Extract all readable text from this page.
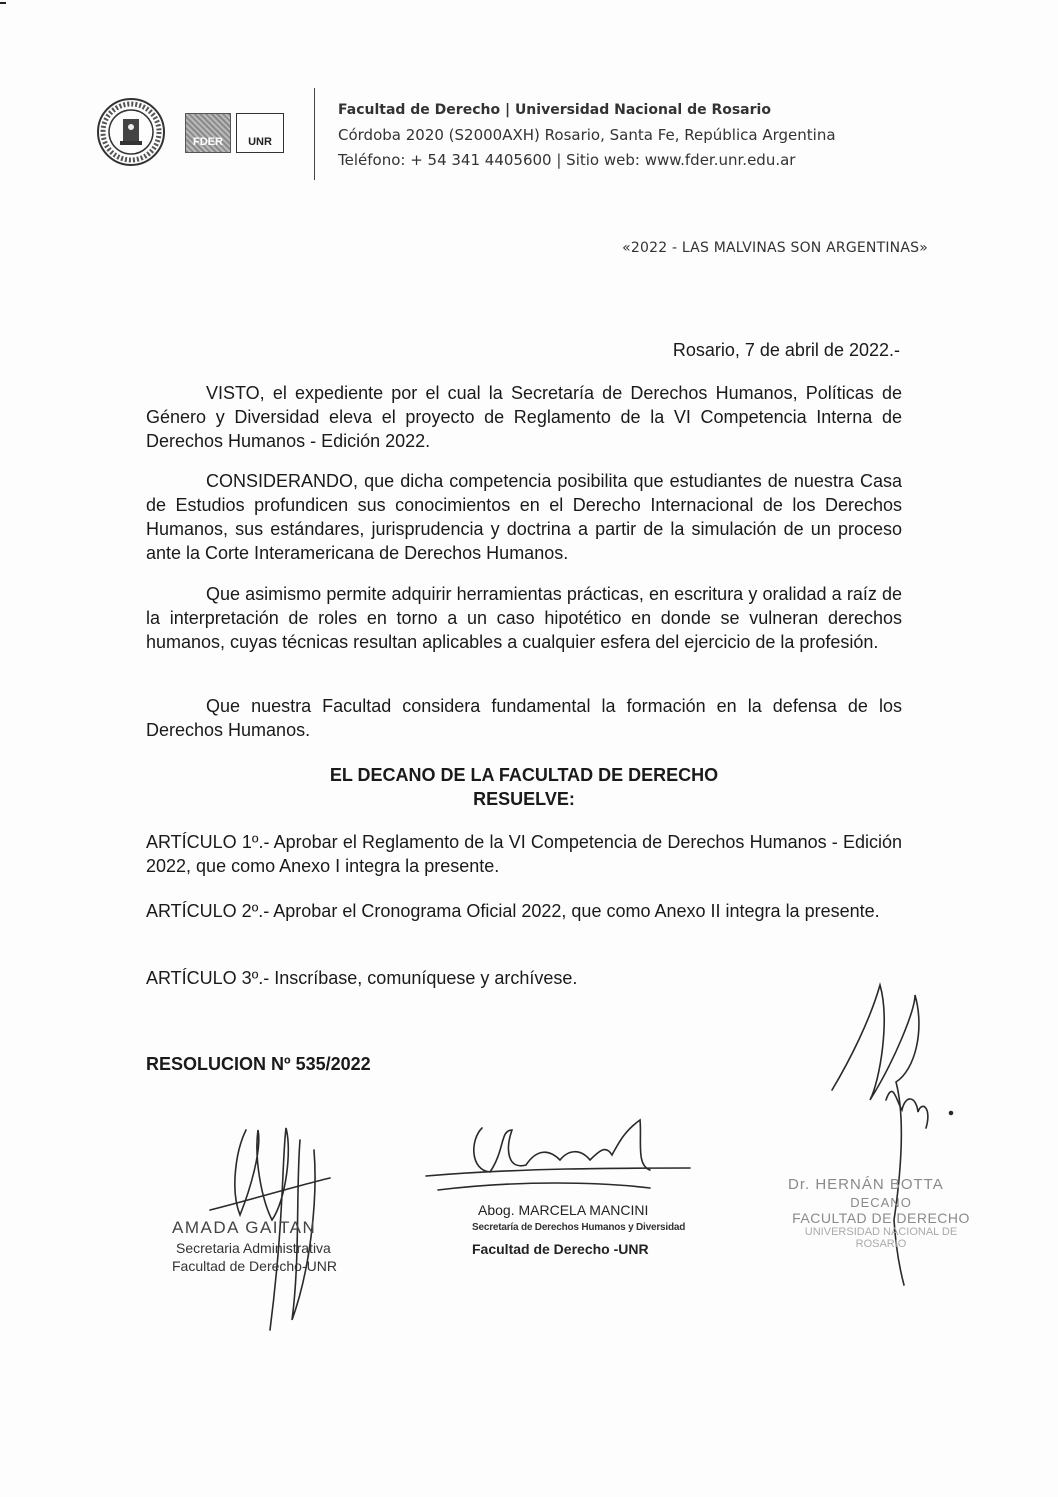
FDER	UNR
Facultad de Derecho | Universidad Nacional de Rosario
Córdoba 2020 (S2000AXH) Rosario, Santa Fe, República Argentina
Teléfono: + 54 341 4405600 | Sitio web: www.fder.unr.edu.ar
«2022 - LAS MALVINAS SON ARGENTINAS»
Rosario, 7 de abril de 2022.-

VISTO, el expediente por el cual la Secretaría de Derechos Humanos, Políticas de Género y Diversidad eleva el proyecto de Reglamento de la VI Competencia Interna de Derechos Humanos - Edición 2022.

CONSIDERANDO, que dicha competencia posibilita que estudiantes de nuestra Casa de Estudios profundicen sus conocimientos en el Derecho Internacional de los Derechos Humanos, sus estándares, jurisprudencia y doctrina a partir de la simulación de un proceso ante la Corte Interamericana de Derechos Humanos.

Que asimismo permite adquirir herramientas prácticas, en escritura y oralidad a raíz de la interpretación de roles en torno a un caso hipotético en donde se vulneran derechos humanos, cuyas técnicas resultan aplicables a cualquier esfera del ejercicio de la profesión.

Que nuestra Facultad considera fundamental la formación en la defensa de los Derechos Humanos.

EL DECANO DE LA FACULTAD DE DERECHO
RESUELVE:

ARTÍCULO 1º.- Aprobar el Reglamento de la VI Competencia de Derechos Humanos - Edición 2022, que como Anexo I integra la presente.

ARTÍCULO 2º.- Aprobar el Cronograma Oficial 2022, que como Anexo II integra la presente.

ARTÍCULO 3º.- Inscríbase, comuníquese y archívese.

RESOLUCION Nº 535/2022
AMADA GAITAN
Secretaria Administrativa
Facultad de Derecho-UNR
Abog. MARCELA MANCINI
Secretaría de Derechos Humanos y Diversidad
Facultad de Derecho -UNR
Dr. HERNÁN BOTTA
DECANO
FACULTAD DE DERECHO
UNIVERSIDAD NACIONAL DE ROSARIO
